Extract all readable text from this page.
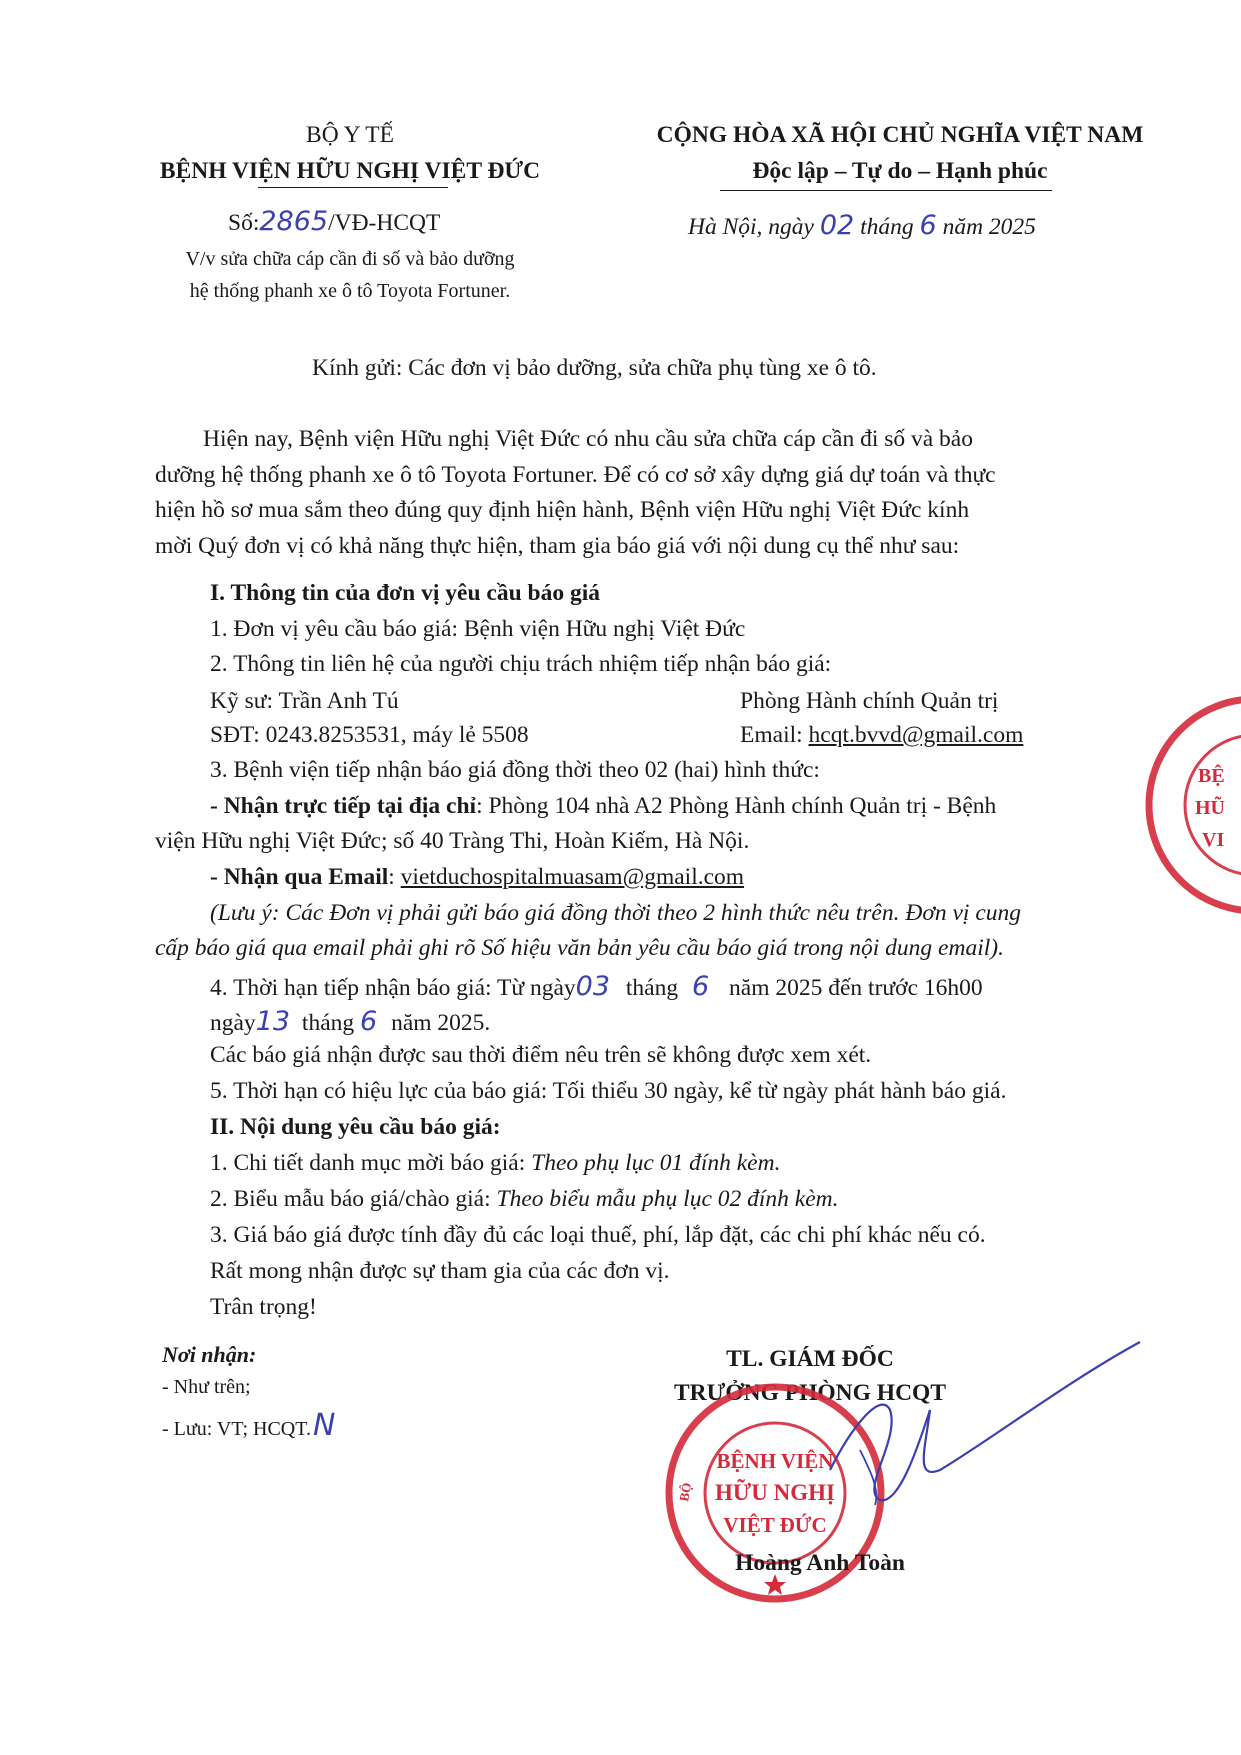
BỘ Y TẾ
BỆNH VIỆN HỮU NGHỊ VIỆT ĐỨC
Số:2865/VĐ-HCQT
V/v sửa chữa cáp cần đi số và bảo dưỡng
hệ thống phanh xe ô tô Toyota Fortuner.
CỘNG HÒA XÃ HỘI CHỦ NGHĨA VIỆT NAM
Độc lập – Tự do – Hạnh phúc
Hà Nội, ngày 02 tháng 6 năm 2025
Kính gửi: Các đơn vị bảo dưỡng, sửa chữa phụ tùng xe ô tô.
Hiện nay, Bệnh viện Hữu nghị Việt Đức có nhu cầu sửa chữa cáp cần đi số và bảo
dưỡng hệ thống phanh xe ô tô Toyota Fortuner. Để có cơ sở xây dựng giá dự toán và thực
hiện hồ sơ mua sắm theo đúng quy định hiện hành, Bệnh viện Hữu nghị Việt Đức kính
mời Quý đơn vị có khả năng thực hiện, tham gia báo giá với nội dung cụ thể như sau:
I. Thông tin của đơn vị yêu cầu báo giá
1. Đơn vị yêu cầu báo giá: Bệnh viện Hữu nghị Việt Đức
2. Thông tin liên hệ của người chịu trách nhiệm tiếp nhận báo giá:
Kỹ sư: Trần Anh Tú	Phòng Hành chính Quản trị
SĐT: 0243.8253531, máy lẻ 5508	Email: hcqt.bvvd@gmail.com
3. Bệnh viện tiếp nhận báo giá đồng thời theo 02 (hai) hình thức:
- Nhận trực tiếp tại địa chỉ: Phòng 104 nhà A2 Phòng Hành chính Quản trị - Bệnh
viện Hữu nghị Việt Đức; số 40 Tràng Thi, Hoàn Kiếm, Hà Nội.
- Nhận qua Email: vietduchospitalmuasam@gmail.com
(Lưu ý: Các Đơn vị phải gửi báo giá đồng thời theo 2 hình thức nêu trên. Đơn vị cung
cấp báo giá qua email phải ghi rõ Số hiệu văn bản yêu cầu báo giá trong nội dung email).
4. Thời hạn tiếp nhận báo giá: Từ ngày03 tháng 6 năm 2025 đến trước 16h00
ngày13 tháng 6 năm 2025.
Các báo giá nhận được sau thời điểm nêu trên sẽ không được xem xét.
5. Thời hạn có hiệu lực của báo giá: Tối thiểu 30 ngày, kể từ ngày phát hành báo giá.
II. Nội dung yêu cầu báo giá:
1. Chi tiết danh mục mời báo giá: Theo phụ lục 01 đính kèm.
2. Biểu mẫu báo giá/chào giá: Theo biểu mẫu phụ lục 02 đính kèm.
3. Giá báo giá được tính đầy đủ các loại thuế, phí, lắp đặt, các chi phí khác nếu có.
Rất mong nhận được sự tham gia của các đơn vị.
Trân trọng!
Nơi nhận:
- Như trên;
- Lưu: VT; HCQT.N
TL. GIÁM ĐỐC
TRƯỞNG PHÒNG HCQT
BỆNH VIỆN
HỮU NGHỊ
VIỆT ĐỨC
BỘ
Hoàng Anh Toàn
BỆ
HŨ
VI
